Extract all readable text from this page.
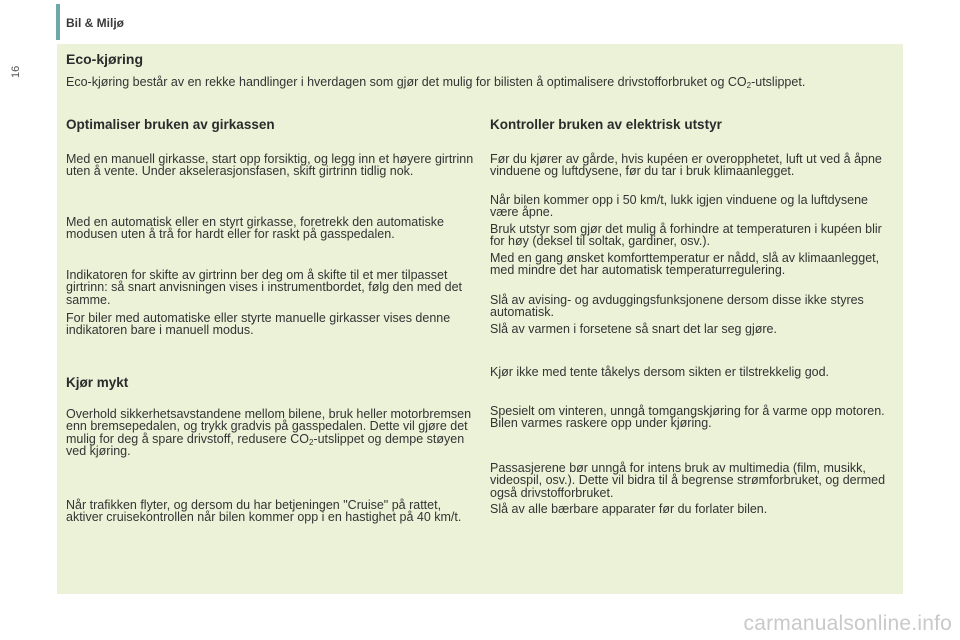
Bil & Miljø
16
Eco-kjøring

Eco-kjøring består av en rekke handlinger i hverdagen som gjør det mulig for bilisten å optimalisere drivstofforbruket og $CO_2$-utslippet.

Optimaliser bruken av girkassen

Med en manuell girkasse, start opp forsiktig, og legg inn et høyere girtrinn uten å vente. Under akselerasjonsfasen, skift girtrinn tidlig nok.

Med en automatisk eller en styrt girkasse, foretrekk den automatiske modusen uten å trå for hardt eller for raskt på gasspedalen.

Indikatoren for skifte av girtrinn ber deg om å skifte til et mer tilpasset girtrinn: så snart anvisningen vises i instrumentbordet, følg den med det samme.

For biler med automatiske eller styrte manuelle girkasser vises denne indikatoren bare i manuell modus.

Kjør mykt

Overhold sikkerhetsavstandene mellom bilene, bruk heller motorbremsen enn bremsepedalen, og trykk gradvis på gasspedalen. Dette vil gjøre det mulig for deg å spare drivstoff, redusere $CO_2$-utslippet og dempe støyen ved kjøring.

Når trafikken flyter, og dersom du har betjeningen "Cruise" på rattet, aktiver cruisekontrollen når bilen kommer opp i en hastighet på 40 km/t.

Kontroller bruken av elektrisk utstyr

Før du kjører av gårde, hvis kupéen er overopphetet, luft ut ved å åpne vinduene og luftdysene, før du tar i bruk klimaanlegget.

Når bilen kommer opp i 50 km/t, lukk igjen vinduene og la luftdysene være åpne.

Bruk utstyr som gjør det mulig å forhindre at temperaturen i kupéen blir for høy (deksel til soltak, gardiner, osv.).

Med en gang ønsket komforttemperatur er nådd, slå av klimaanlegget, med mindre det har automatisk temperaturregulering.

Slå av avising- og avduggingsfunksjonene dersom disse ikke styres automatisk.

Slå av varmen i forsetene så snart det lar seg gjøre.

Kjør ikke med tente tåkelys dersom sikten er tilstrekkelig god.

Spesielt om vinteren, unngå tomgangskjøring for å varme opp motoren. Bilen varmes raskere opp under kjøring.

Passasjerene bør unngå for intens bruk av multimedia (film, musikk, videospil, osv.). Dette vil bidra til å begrense strømforbruket, og dermed også drivstofforbruket.

Slå av alle bærbare apparater før du forlater bilen.

carmanualsonline.info
